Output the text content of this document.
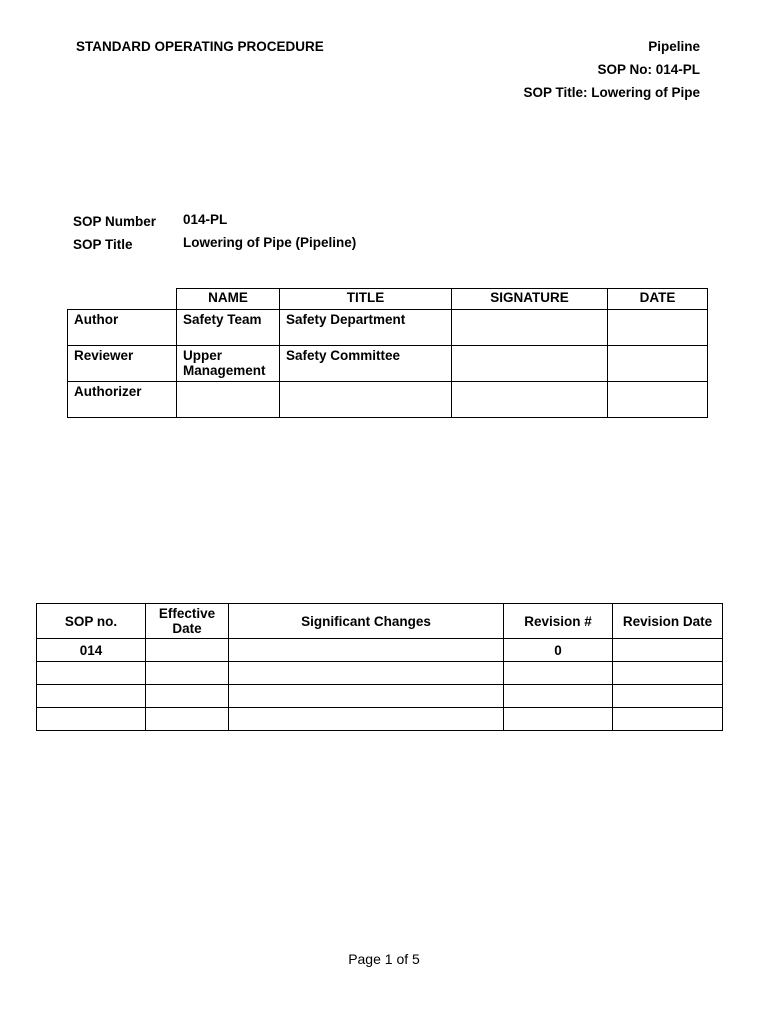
STANDARD OPERATING PROCEDURE	Pipeline
SOP No: 014-PL
SOP Title: Lowering of Pipe
SOP Number 014-PL
SOP Title	Lowering of Pipe (Pipeline)
	NAME	TITLE	SIGNATURE	DATE
Author	Safety Team	Safety Department		
Reviewer	Upper Management	Safety Committee		
Authorizer				
SOP no.	Effective Date	Significant Changes	Revision #	Revision Date
014			0	

Page 1 of 5
